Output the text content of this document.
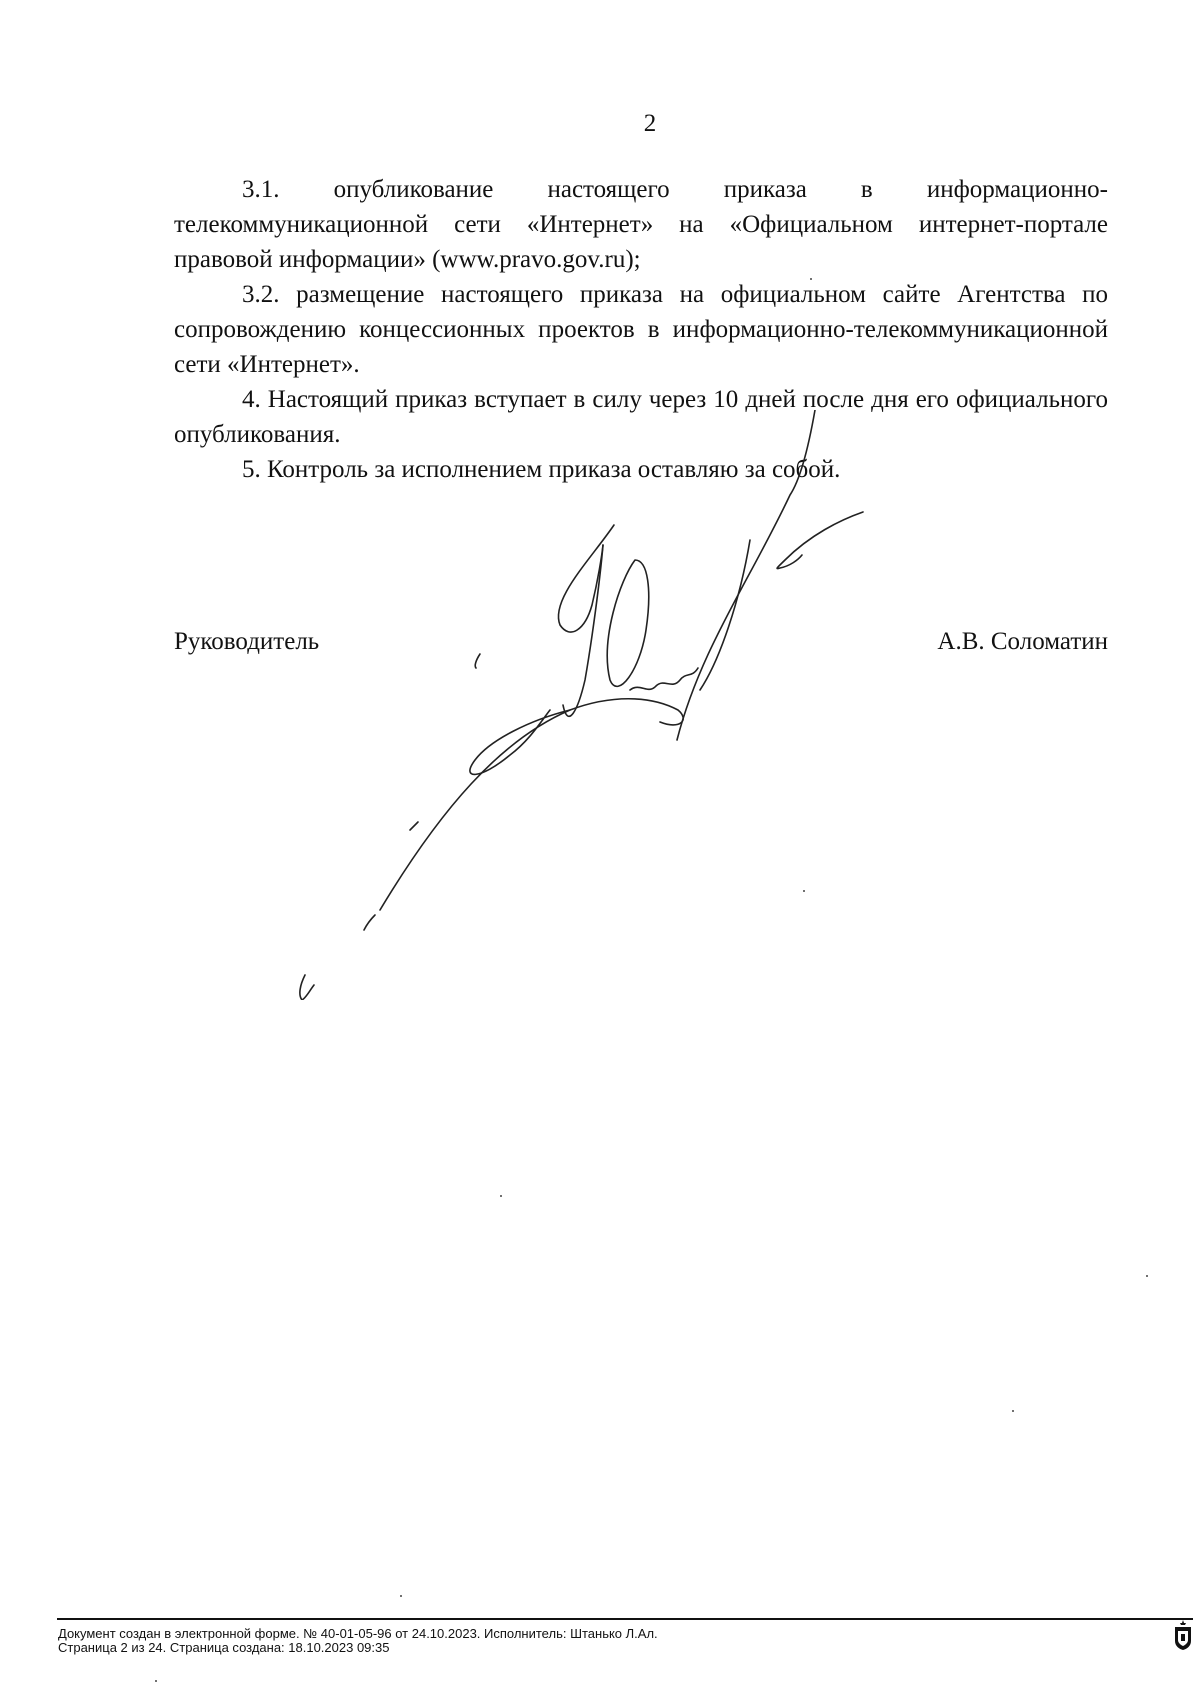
2

3.1. опубликование настоящего приказа в информационно-телекоммуникационной сети «Интернет» на «Официальном интернет-портале правовой информации» (www.pravo.gov.ru);

3.2. размещение настоящего приказа на официальном сайте Агентства по сопровождению концессионных проектов в информационно-телекоммуникационной сети «Интернет».

4. Настоящий приказ вступает в силу через 10 дней после дня его официального опубликования.

5. Контроль за исполнением приказа оставляю за собой.

Руководитель	А.В. Соломатин
Документ создан в электронной форме. № 40-01-05-96 от 24.10.2023. Исполнитель: Штанько Л.Ал.
Страница 2 из 24. Страница создана: 18.10.2023 09:35
